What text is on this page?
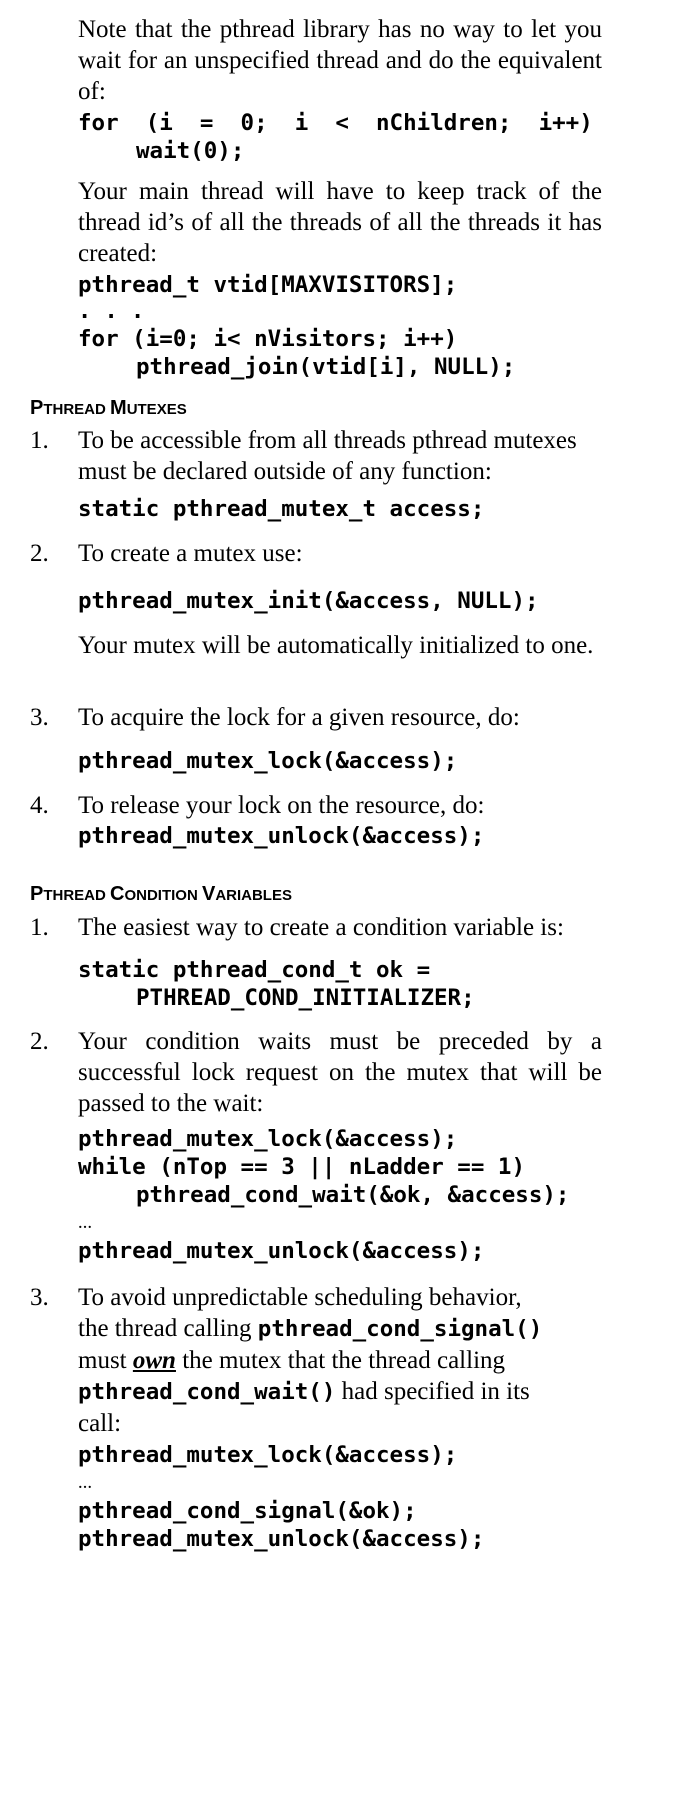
Note that the pthread library has no way to let you wait for an unspecified thread and do the equivalent of:

for  (i  =  0;  i  <  nChildren;  i++)
wait(0);

Your main thread will have to keep track of the thread id’s of all the threads of all the threads it has created:

pthread_t vtid[MAXVISITORS];
. . .
for (i=0; i< nVisitors; i++)
pthread_join(vtid[i], NULL);
PTHREAD MUTEXES

1. To be accessible from all threads pthread mutexes must be declared outside of any function:

static pthread_mutex_t access;

2. To create a mutex use:

pthread_mutex_init(&access, NULL);

Your mutex will be automatically initialized to one.

3. To acquire the lock for a given resource, do:

pthread_mutex_lock(&access);

4. To release your lock on the resource, do:

pthread_mutex_unlock(&access);
PTHREAD CONDITION VARIABLES

1. The easiest way to create a condition variable is:

static pthread_cond_t ok =
PTHREAD_COND_INITIALIZER;

2. Your condition waits must be preceded by a successful lock request on the mutex that will be passed to the wait:

pthread_mutex_lock(&access);
while (nTop == 3 || nLadder == 1)
pthread_cond_wait(&ok, &access);

…

pthread_mutex_unlock(&access);

3. To avoid unpredictable scheduling behavior,
the thread calling pthread_cond_signal()
must own the mutex that the thread calling
pthread_cond_wait() had specified in its
call:
pthread_mutex_lock(&access);

…

pthread_cond_signal(&ok);
pthread_mutex_unlock(&access);
